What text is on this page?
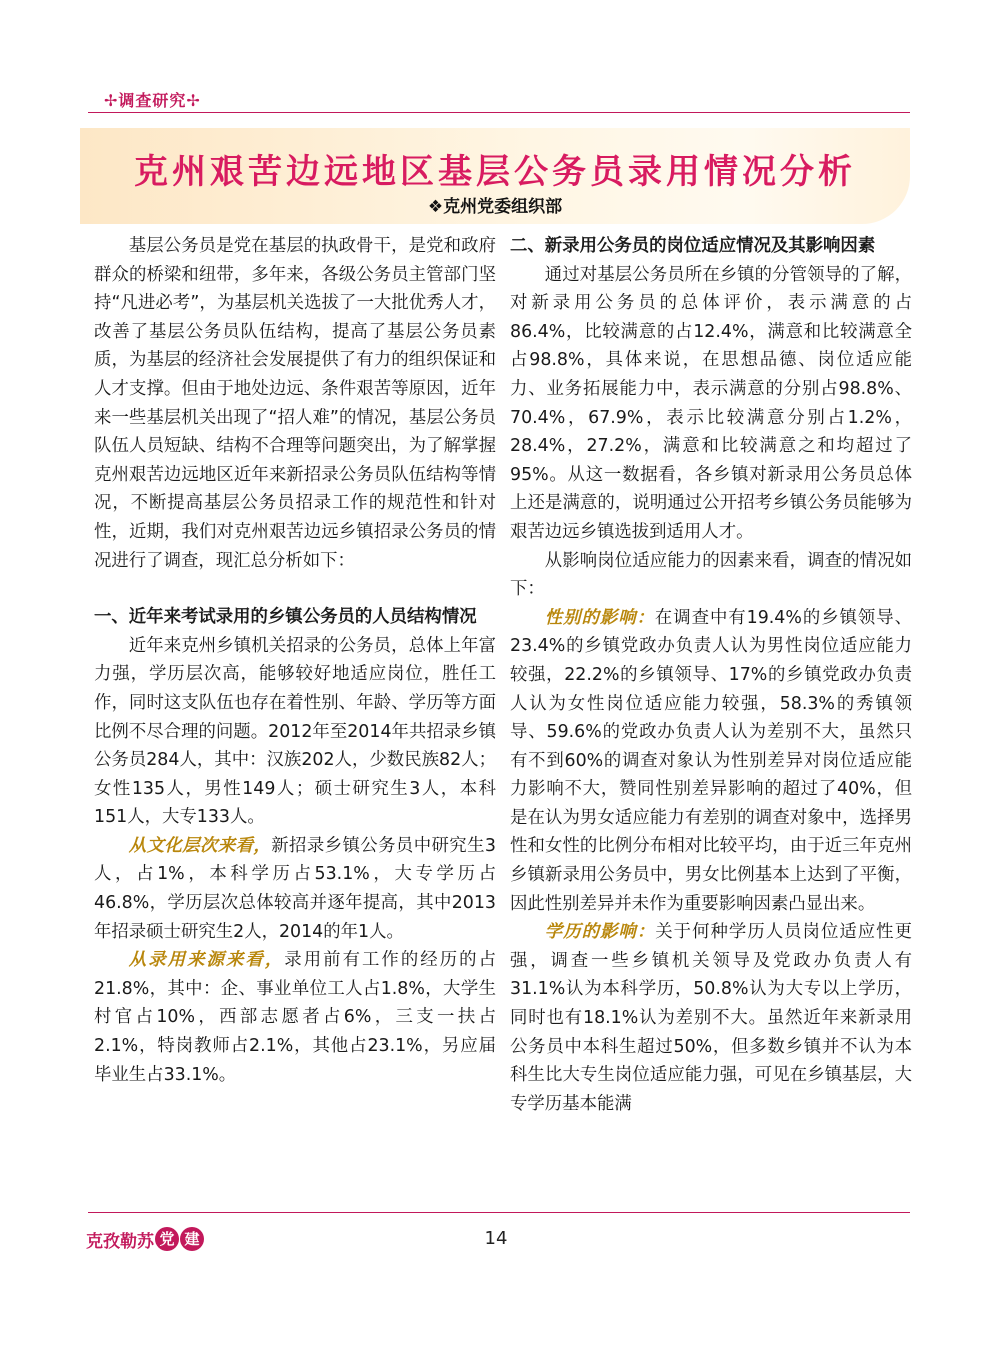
✢调查研究✢
克州艰苦边远地区基层公务员录用情况分析
❖克州党委组织部

基层公务员是党在基层的执政骨干，是党和政府群众的桥梁和纽带，多年来，各级公务员主管部门坚持“凡进必考”，为基层机关选拔了一大批优秀人才，改善了基层公务员队伍结构，提高了基层公务员素质，为基层的经济社会发展提供了有力的组织保证和人才支撑。但由于地处边远、条件艰苦等原因，近年来一些基层机关出现了“招人难”的情况，基层公务员队伍人员短缺、结构不合理等问题突出，为了解掌握克州艰苦边远地区近年来新招录公务员队伍结构等情况，不断提高基层公务员招录工作的规范性和针对性，近期，我们对克州艰苦边远乡镇招录公务员的情况进行了调查，现汇总分析如下：

一、近年来考试录用的乡镇公务员的人员结构情况

近年来克州乡镇机关招录的公务员，总体上年富力强，学历层次高，能够较好地适应岗位，胜任工作，同时这支队伍也存在着性别、年龄、学历等方面比例不尽合理的问题。2012年至2014年共招录乡镇公务员284人，其中：汉族202人，少数民族82人；女性135人，男性149人；硕士研究生3人，本科151人，大专133人。

从文化层次来看，新招录乡镇公务员中研究生3人，占1%，本科学历占53.1%，大专学历占46.8%，学历层次总体较高并逐年提高，其中2013年招录硕士研究生2人，2014的年1人。

从录用来源来看，录用前有工作的经历的占21.8%，其中：企、事业单位工人占1.8%，大学生村官占10%，西部志愿者占6%，三支一扶占2.1%，特岗教师占2.1%，其他占23.1%，另应届毕业生占33.1%。

二、新录用公务员的岗位适应情况及其影响因素

通过对基层公务员所在乡镇的分管领导的了解，对新录用公务员的总体评价，表示满意的占86.4%，比较满意的占12.4%，满意和比较满意全占98.8%，具体来说，在思想品德、岗位适应能力、业务拓展能力中，表示满意的分别占98.8%、70.4%，67.9%，表示比较满意分别占1.2%，28.4%，27.2%，满意和比较满意之和均超过了95%。从这一数据看，各乡镇对新录用公务员总体上还是满意的，说明通过公开招考乡镇公务员能够为艰苦边远乡镇选拔到适用人才。

从影响岗位适应能力的因素来看，调查的情况如下：

性别的影响：在调查中有19.4%的乡镇领导、23.4%的乡镇党政办负责人认为男性岗位适应能力较强，22.2%的乡镇领导、17%的乡镇党政办负责人认为女性岗位适应能力较强，58.3%的秀镇领导、59.6%的党政办负责人认为差别不大，虽然只有不到60%的调查对象认为性别差异对岗位适应能力影响不大，赞同性别差异影响的超过了40%，但是在认为男女适应能力有差别的调查对象中，选择男性和女性的比例分布相对比较平均，由于近三年克州乡镇新录用公务员中，男女比例基本上达到了平衡，因此性别差异并未作为重要影响因素凸显出来。

学历的影响：关于何种学历人员岗位适应性更强，调查一些乡镇机关领导及党政办负责人有31.1%认为本科学历，50.8%认为大专以上学历，同时也有18.1%认为差别不大。虽然近年来新录用公务员中本科生超过50%，但多数乡镇并不认为本科生比大专生岗位适应能力强，可见在乡镇基层，大专学历基本能满

克孜勒苏 党 建	14
